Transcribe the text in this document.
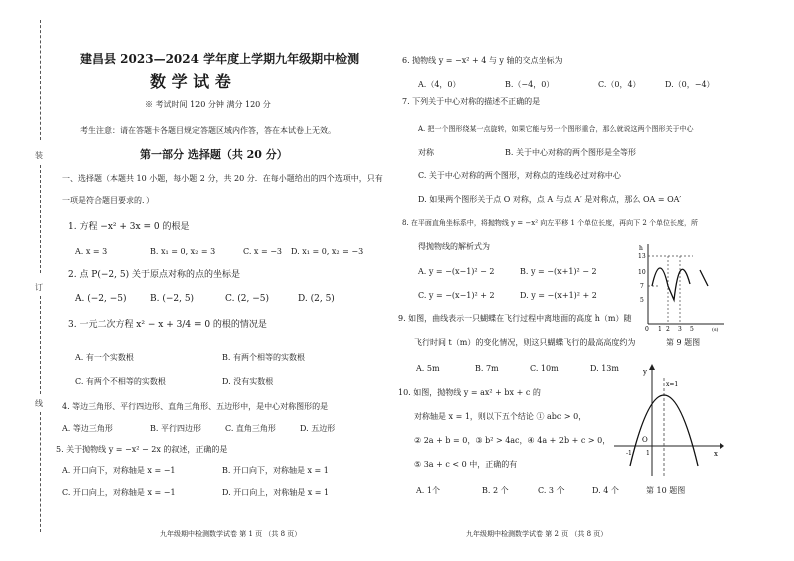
装
订
线
建昌县 2023—2024 学年度上学期九年级期中检测
数 学 试 卷
※ 考试时间 120 分钟 满分 120 分
考生注意：请在答题卡各题目规定答题区域内作答，答在本试卷上无效。
第一部分 选择题（共 20 分）
一、选择题（本题共 10 小题，每小题 2 分，共 20 分．在每小题给出的四个选项中，只有
一项是符合题目要求的．）
1. 方程 −x² + 3x = 0 的根是
A. x = 3	B. x₁ = 0, x₂ = 3	C. x = −3 D. x₁ = 0, x₂ = −3
2. 点 P(−2, 5) 关于原点对称的点的坐标是
A. (−2, −5)	B. (−2, 5)	C. (2, −5)	D. (2, 5)
3. 一元二次方程 x² − x + 3/4 = 0 的根的情况是
A. 有一个实数根	B. 有两个相等的实数根
C. 有两个不相等的实数根	D. 没有实数根
4. 等边三角形、平行四边形、直角三角形、五边形中，是中心对称图形的是
A. 等边三角形	B. 平行四边形	C. 直角三角形	D. 五边形
5. 关于抛物线 y = −x² − 2x 的叙述，正确的是
A. 开口向下，对称轴是 x = −1	B. 开口向下，对称轴是 x = 1
C. 开口向上，对称轴是 x = −1	D. 开口向上，对称轴是 x = 1
九年级期中检测数学试卷 第 1 页 （共 8 页）
6. 抛物线 y = −x² + 4 与 y 轴的交点坐标为
A.（4，0）	B.（−4，0）	C.（0，4）	D.（0，−4）
7. 下列关于中心对称的描述不正确的是
A. 把一个图形绕某一点旋转，如果它能与另一个图形重合，那么就说这两个图形关于中心
对称	B. 关于中心对称的两个图形是全等形
C. 关于中心对称的两个图形，对称点的连线必过对称中心
D. 如果两个图形关于点 O 对称，点 A 与点 A′ 是对称点，那么 OA = OA′
8. 在平面直角坐标系中，将抛物线 y = −x² 向左平移 1 个单位长度，再向下 2 个单位长度，所
得抛物线的解析式为
A. y = −(x−1)² − 2	B. y = −(x+1)² − 2
C. y = −(x−1)² + 2	D. y = −(x+1)² + 2
9. 如图，曲线表示一只蝴蝶在飞行过程中离地面的高度 h（m）随
飞行时间 t（m）的变化情况，则这只蝴蝶飞行的最高高度约为
A. 5m	B. 7m	C. 10m	D. 13m
10. 如图，抛物线 y = ax² + bx + c 的
对称轴是 x = 1，则以下五个结论 ① abc > 0，
② 2a + b = 0，③ b² > 4ac，④ 4a + 2b + c > 0，
⑤ 3a + c < 0 中，正确的有
A. 1个	B. 2 个	C. 3 个	D. 4 个
h
13
10
7
5
0 1 2 3 5	(s)
第 9 题图
y
x
x=1
O
-1 1
第 10 题图
九年级期中检测数学试卷 第 2 页 （共 8 页）
